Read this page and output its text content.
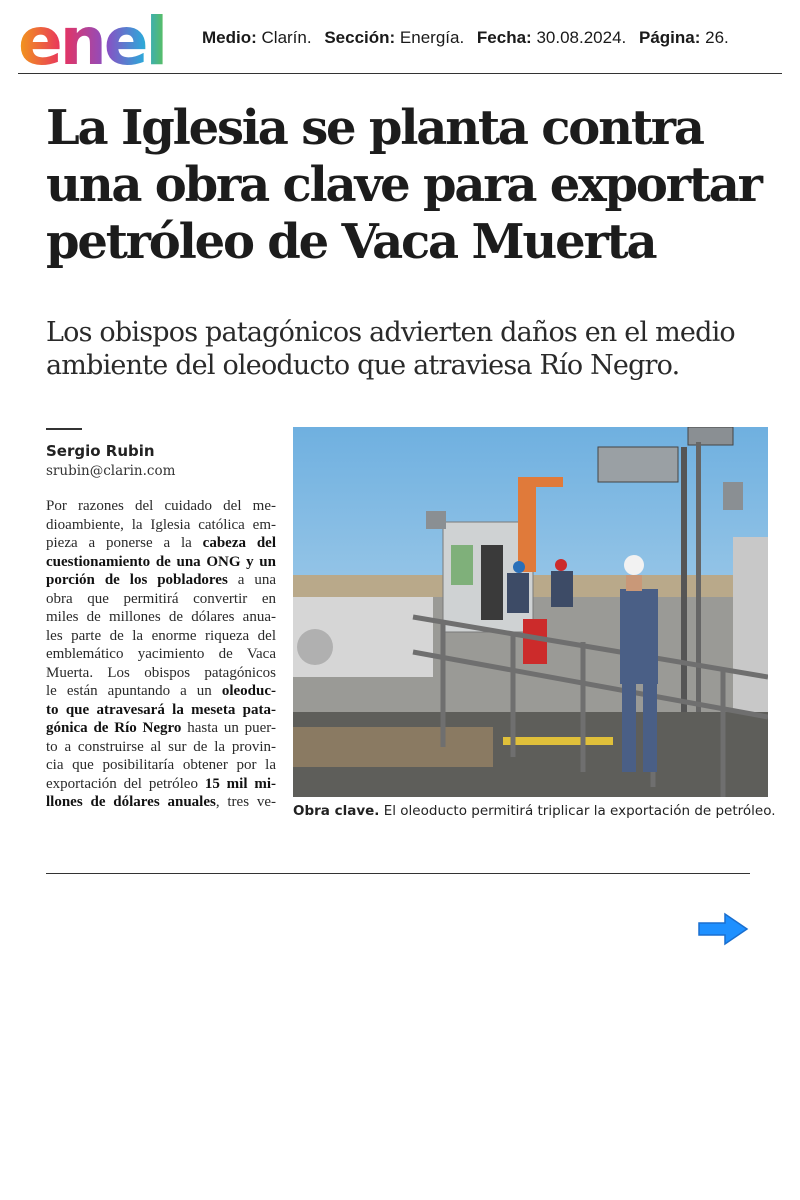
enel Medio: Clarín. Sección: Energía. Fecha: 30.08.2024. Página: 26.
La Iglesia se planta contra una obra clave para exportar petróleo de Vaca Muerta

Los obispos patagónicos advierten daños en el medio ambiente del oleoducto que atraviesa Río Negro.

Sergio Rubin
srubin@clarin.com
Por razones del cuidado del me-
dioambiente, la Iglesia católica em-
pieza a ponerse a la cabeza del
cuestionamiento de una ONG y un
porción de los pobladores a una
obra que permitirá convertir en
miles de millones de dólares anua-
les parte de la enorme riqueza del
emblemático yacimiento de Vaca
Muerta. Los obispos patagónicos
le están apuntando a un oleoduc-
to que atravesará la meseta pata-
gónica de Río Negro hasta un puer-
to a construirse al sur de la provin-
cia que posibilitaría obtener por la
exportación del petróleo 15 mil mi-
llones de dólares anuales, tres ve-
Obra clave. El oleoducto permitirá triplicar la exportación de petróleo.
